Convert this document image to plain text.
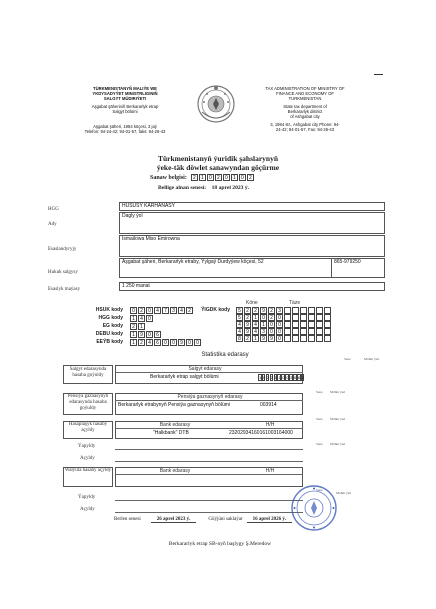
TÜRKMENISTANYŇ MALIÝE WE
YKDYSADYÝET MINISTRLIGINIŇ
SALGYT MÜDIRIÝETI
Aşgabat şäheriniň Berkararlyk etrap
Salgyt bölümi
Aşgabat şäheri, 1984 köçesi, 3 jaý
Telefon: 94-24-42; 94-01-57, faks: 94-26-43
TAX ADMINISTRATION OF MINISTRY OF
FINANCE AND ECONOMY OF
TURKMENISTAN
State tax department of
Berkararlyk district
of Ashgabat city
3, 1984 str., Ashgabat city Phone: 94-
24-42; 94-01-57, Fax: 94-26-43
Türkmenistanyň ýuridik şahslarynyň
ýeke-täk döwlet sanawyndan göçürme
Sanaw belgisi:	2	1	0	2	0	1	0	2
Belligе alnan senesi: 18 aprel 2023 ý.
HGG
HUSUSY KÄRHANASY
Ady
Dagly ýol
Esaslandyryjy
Ismailowa Miso Emirowna
Hukuk salgysy
Aşgabat şäheri, Berkararlyk etraby, Ýylgaý Durdyýew köçesi, 52	865-979250
Esaslyk maýasy
1 250 manat
HSUK kody	0	2	0	4	7	3	4	2
HGG kody	1	4	0
EG kody	2	1
DEBU kody	1	9	0	6
EEÝB kody	1	2	4	6	0	0	9	0	0
Köne	Täze
ÝIGDK kody	5	2	2	9	2	3
5	2	1	0	2	0
4	9	4	1	0	0
4	9	4	3	0	0
8	2	1	9	9	0
Statistika edarasy
Sene	Möhür ýeri
Salgyt edarasynda hasaba goýuldy
Salgyt edarasy
Berkararlyk etrap salgyt bölümi	1 0 2 2 1 1 0 0 3 6 8 2
Sene Möhür ýeri
Pensiýa gaznasynyň edarasynda hasaba goýuldy
Pensiýa gaznasynyň edarasy
Berkararlyk etrabynyň Pensiýa gaznasynyň bölümi	003914
Sene Möhür ýeri
Hasaplaşyk hasaby açyldy
Bank edarasy	H/H
"Halkbank" DTB	23202934160161003164000
Sene Möhür ýeri
Ýapyldy
Açyldy
Walýuta hasaby açyldy	Bank edarasy	H/H
Sene
Ýapyldy
Açyldy
Möhür ýeri
Berlen senesi	26 aprel 2023 ý.	Güýjüni saklaýar	16 aprel 2026 ý.
Berkararlyk etrap SB-nyň başlygy Ş.Meredow
